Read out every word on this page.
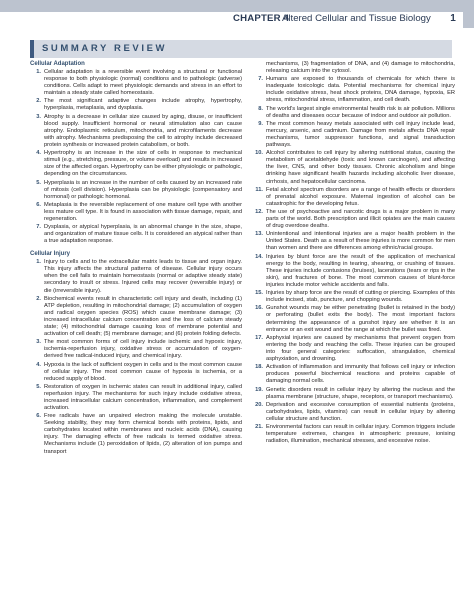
CHAPTER 4
Altered Cellular and Tissue Biology	1
SUMMARY REVIEW
Cellular Adaptation
1. Cellular adaptation is a reversible event involving a structural or functional response to both physiologic (normal) conditions and to pathologic (adverse) conditions. Cells adapt to meet physiologic demands and stress in an effort to maintain a steady state called homeostasis.
2. The most significant adaptive changes include atrophy, hypertrophy, hyperplasia, metaplasia, and dysplasia.
3. Atrophy is a decrease in cellular size caused by aging, disuse, or insufficient blood supply. Insufficient hormonal or neural stimulation also can cause atrophy. Endoplasmic reticulum, mitochondria, and microfilaments decrease with atrophy. Mechanisms predisposing the cell to atrophy include decreased protein synthesis or increased protein catabolism, or both.
4. Hypertrophy is an increase in the size of cells in response to mechanical stimuli (e.g., stretching, pressure, or volume overload) and results in increased size of the affected organ. Hypertrophy can be either physiologic or pathologic, depending on the circumstances.
5. Hyperplasia is an increase in the number of cells caused by an increased rate of mitosis (cell division). Hyperplasia can be physiologic (compensatory and hormonal) or pathologic hormonal.
6. Metaplasia is the reversible replacement of one mature cell type with another less mature cell type. It is found in association with tissue damage, repair, and regeneration.
7. Dysplasia, or atypical hyperplasia, is an abnormal change in the size, shape, and organization of mature tissue cells. It is considered an atypical rather than a true adaptation response.
Cellular Injury
1. Injury to cells and to the extracellular matrix leads to tissue and organ injury. This injury affects the structural patterns of disease. Cellular injury occurs when the cell fails to maintain homeostasis (normal or adaptive steady state) secondary to insult or stress. Injured cells may recover (reversible injury) or die (irreversible injury).
2. Biochemical events result in characteristic cell injury and death, including (1) ATP depletion, resulting in mitochondrial damage; (2) accumulation of oxygen and radical oxygen species (ROS) which cause membrane damage; (3) increased intracellular calcium concentration and the loss of calcium steady state; (4) mitochondrial damage causing loss of membrane potential and activation of cell death; (5) membrane damage; and (6) protein folding defects.
3. The most common forms of cell injury include ischemic and hypoxic injury, ischemia-reperfusion injury, oxidative stress or accumulation of oxygen-derived free radical-induced injury, and chemical injury.
4. Hypoxia is the lack of sufficient oxygen in cells and is the most common cause of cellular injury. The most common cause of hypoxia is ischemia, or a reduced supply of blood.
5. Restoration of oxygen in ischemic states can result in additional injury, called reperfusion injury. The mechanisms for such injury include oxidative stress, increased intracellular calcium concentration, inflammation, and complement activation.
6. Free radicals have an unpaired electron making the molecule unstable. Seeking stability, they may form chemical bonds with proteins, lipids, and carbohydrates located within membranes and nucleic acids (DNA), causing injury. The damaging effects of free radicals is termed oxidative stress. Mechanisms include (1) peroxidation of lipids, (2) alteration of ion pumps and transport
mechanisms, (3) fragmentation of DNA, and (4) damage to mitochondria, releasing calcium into the cytosol.
7. Humans are exposed to thousands of chemicals for which there is inadequate toxicologic data. Potential mechanisms for chemical injury include oxidative stress, heat shock proteins, DNA damage, hypoxia, ER stress, mitochondrial stress, inflammation, and cell death.
8. The world's largest single environmental health risk is air pollution. Millions of deaths and diseases occur because of indoor and outdoor air pollution.
9. The most common heavy metals associated with cell injury include lead, mercury, arsenic, and cadmium. Damage from metals affects DNA repair mechanisms, tumor suppressor functions, and signal transduction pathways.
10. Alcohol contributes to cell injury by altering nutritional status, causing the metabolism of acetaldehyde (toxic and known carcinogen), and affecting the liver, CNS, and other body tissues. Chronic alcoholism and binge drinking have significant health hazards including alcoholic liver disease, cirrhosis, and hepatocellular carcinoma.
11. Fetal alcohol spectrum disorders are a range of health effects or disorders of prenatal alcohol exposure. Maternal ingestion of alcohol can be catastrophic for the developing fetus.
12. The use of psychoactive and narcotic drugs is a major problem in many parts of the world. Both prescription and illicit opiates are the main causes of drug overdose deaths.
13. Unintentional and intentional injuries are a major health problem in the United States. Death as a result of these injuries is more common for men than women and there are differences among ethnic/racial groups.
14. Injuries by blunt force are the result of the application of mechanical energy to the body, resulting in tearing, shearing, or crushing of tissues. These injuries include contusions (bruises), lacerations (tears or rips in the skin), and fractures of bone. The most common causes of blunt-force injuries include motor vehicle accidents and falls.
15. Injuries by sharp force are the result of cutting or piercing. Examples of this include incised, stab, puncture, and chopping wounds.
16. Gunshot wounds may be either penetrating (bullet is retained in the body) or perforating (bullet exits the body). The most important factors determining the appearance of a gunshot injury are whether it is an entrance or an exit wound and the range at which the bullet was fired.
17. Asphyxial injuries are caused by mechanisms that prevent oxygen from entering the body and reaching the cells. These injuries can be grouped into four general categories: suffocation, strangulation, chemical asphyxiation, and drowning.
18. Activation of inflammation and immunity that follows cell injury or infection produces powerful biochemical reactions and proteins capable of damaging normal cells.
19. Genetic disorders result in cellular injury by altering the nucleus and the plasma membrane (structure, shape, receptors, or transport mechanisms).
20. Deprivation and excessive consumption of essential nutrients (proteins, carbohydrates, lipids, vitamins) can result in cellular injury by altering cellular structure and function.
21. Environmental factors can result in cellular injury. Common triggers include temperature extremes, changes in atmospheric pressure, ionising radiation, illumination, mechanical stresses, and excessive noise.
